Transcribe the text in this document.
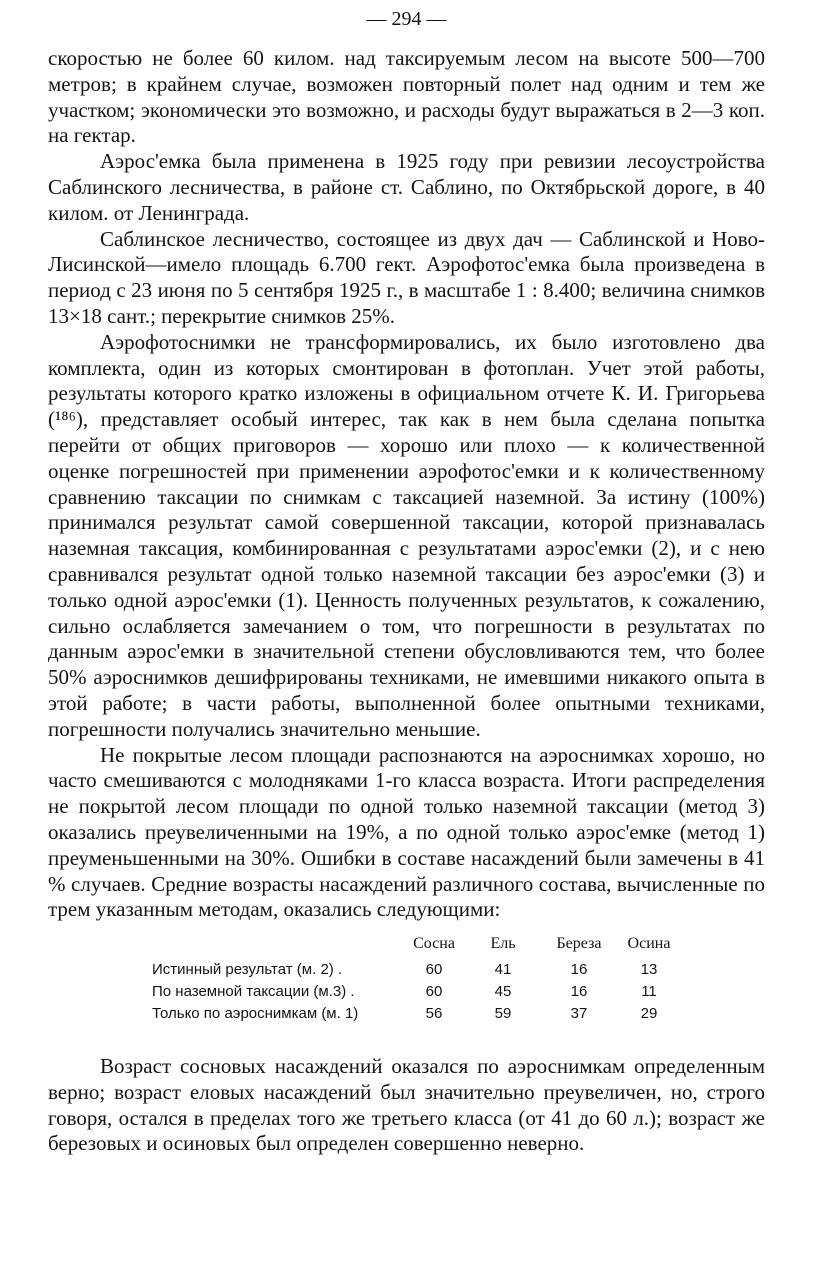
— 294 —

скоростью не более 60 килом. над таксируемым лесом на высоте 500—700 метров; в крайнем случае, возможен повторный полет над одним и тем же участком; экономически это возможно, и расходы будут выражаться в 2—3 коп. на гектар.

Аэрос'емка была применена в 1925 году при ревизии лесоустройства Саблинского лесничества, в районе ст. Саблино, по Октябрьской дороге, в 40 килом. от Ленинграда.

Саблинское лесничество, состоящее из двух дач — Саблинской и Ново-Лисинской—имело площадь 6.700 гект. Аэрофотос'емка была произведена в период с 23 июня по 5 сентября 1925 г., в масштабе 1 : 8.400; величина снимков 13×18 сант.; перекрытие снимков 25%.

Аэрофотоснимки не трансформировались, их было изготовлено два комплекта, один из которых смонтирован в фотоплан. Учет этой работы, результаты которого кратко изложены в официальном отчете К. И. Григорьева (¹⁸⁶), представляет особый интерес, так как в нем была сделана попытка перейти от общих приговоров — хорошо или плохо — к количественной оценке погрешностей при применении аэрофотос'емки и к количественному сравнению таксации по снимкам с таксацией наземной. За истину (100%) принимался результат самой совершенной таксации, которой признавалась наземная таксация, комбинированная с результатами аэрос'емки (2), и с нею сравнивался результат одной только наземной таксации без аэрос'емки (3) и только одной аэрос'емки (1). Ценность полученных результатов, к сожалению, сильно ослабляется замечанием о том, что погрешности в результатах по данным аэрос'емки в значительной степени обусловливаются тем, что более 50% аэроснимков дешифрированы техниками, не имевшими никакого опыта в этой работе; в части работы, выполненной более опытными техниками, погрешности получались значительно меньшие.

Не покрытые лесом площади распознаются на аэроснимках хорошо, но часто смешиваются с молодняками 1-го класса возраста. Итоги распределения не покрытой лесом площади по одной только наземной таксации (метод 3) оказались преувеличенными на 19%, а по одной только аэрос'емке (метод 1) преуменьшенными на 30%. Ошибки в составе насаждений были замечены в 41 % случаев. Средние возрасты насаждений различного состава, вычисленные по трем указанным методам, оказались следующими:

	Сосна	Ель	Береза	Осина
Истинный результат (м. 2) .	60	41	16	13
По наземной таксации (м.3) .	60	45	16	11
Только по аэроснимкам (м. 1)	56	59	37	29

Возраст сосновых насаждений оказался по аэроснимкам определенным верно; возраст еловых насаждений был значительно преувеличен, но, строго говоря, остался в пределах того же третьего класса (от 41 до 60 л.); возраст же березовых и осиновых был определен совершенно неверно.
